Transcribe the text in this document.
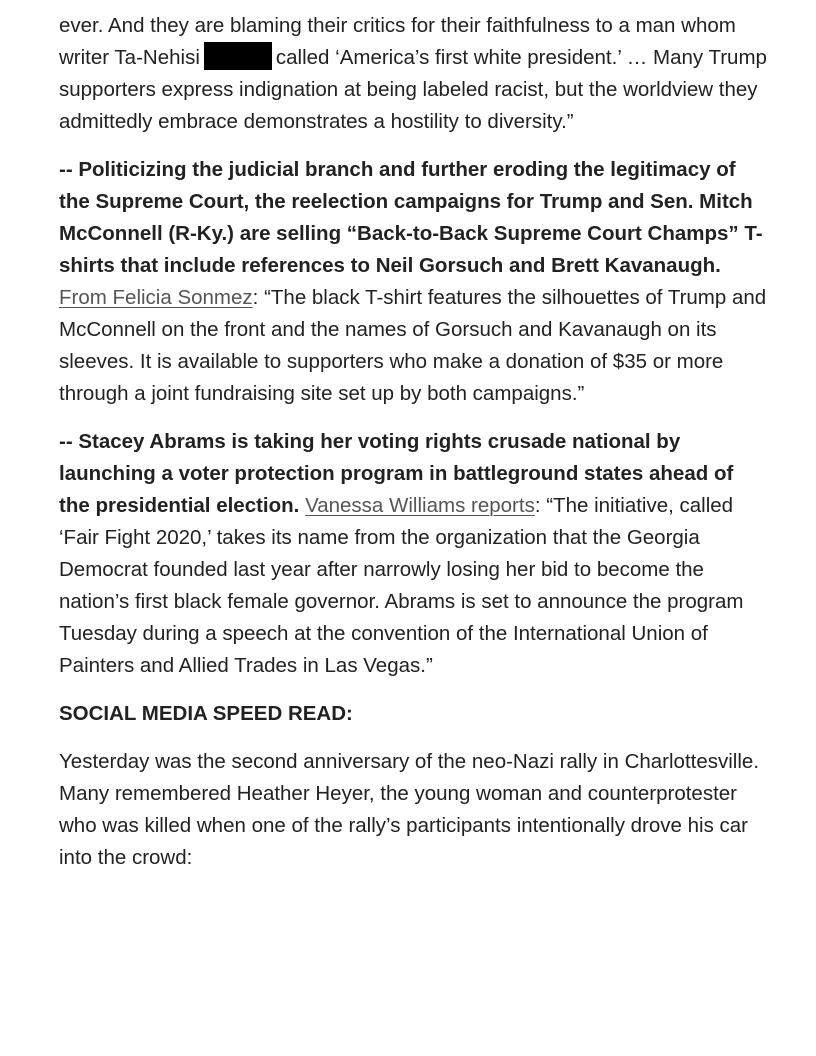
ever. And they are blaming their critics for their faithfulness to a man whom writer Ta-Nehisi	called ‘America’s first white president.’ … Many Trump supporters express indignation at being labeled racist, but the worldview they admittedly embrace demonstrates a hostility to diversity.”

-- Politicizing the judicial branch and further eroding the legitimacy of the Supreme Court, the reelection campaigns for Trump and Sen. Mitch McConnell (R-Ky.) are selling “Back-to-Back Supreme Court Champs” T-shirts that include references to Neil Gorsuch and Brett Kavanaugh. From Felicia Sonmez: “The black T-shirt features the silhouettes of Trump and McConnell on the front and the names of Gorsuch and Kavanaugh on its sleeves. It is available to supporters who make a donation of $35 or more through a joint fundraising site set up by both campaigns.”

-- Stacey Abrams is taking her voting rights crusade national by launching a voter protection program in battleground states ahead of the presidential election. Vanessa Williams reports: “The initiative, called ‘Fair Fight 2020,’ takes its name from the organization that the Georgia Democrat founded last year after narrowly losing her bid to become the nation’s first black female governor. Abrams is set to announce the program Tuesday during a speech at the convention of the International Union of Painters and Allied Trades in Las Vegas.”

SOCIAL MEDIA SPEED READ:

Yesterday was the second anniversary of the neo-Nazi rally in Charlottesville. Many remembered Heather Heyer, the young woman and counterprotester who was killed when one of the rally’s participants intentionally drove his car into the crowd:
